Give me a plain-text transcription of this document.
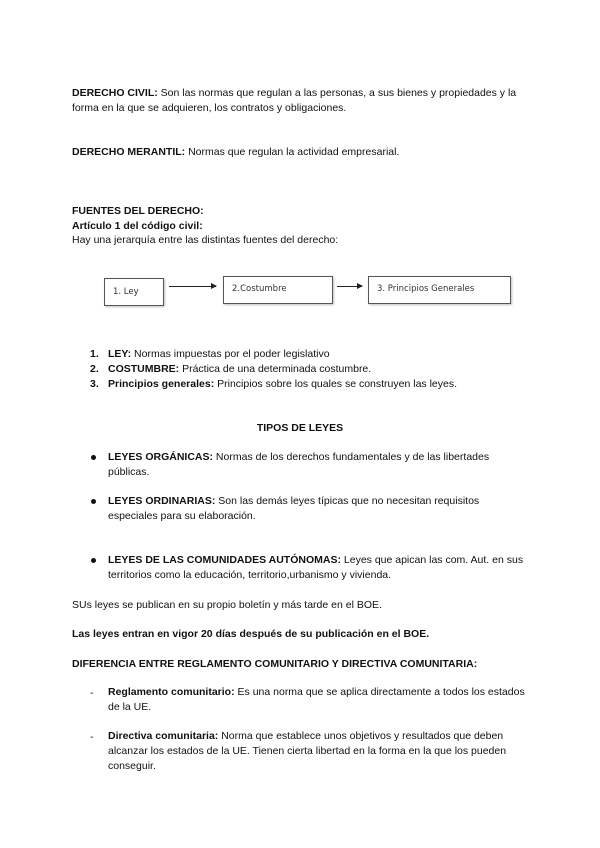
DERECHO CIVIL: Son las normas que regulan a las personas, a sus bienes y propiedades y la forma en la que se adquieren, los contratos y obligaciones.
DERECHO MERANTIL: Normas que regulan la actividad empresarial.
FUENTES DEL DERECHO:
Artículo 1 del código civil:
Hay una jerarquía entre las distintas fuentes del derecho:
1. Ley	2.Costumbre	3. Principios Generales
1. LEY: Normas impuestas por el poder legislativo
2. COSTUMBRE: Práctica de una determinada costumbre.
3. Principios generales: Principios sobre los quales se construyen las leyes.
TIPOS DE LEYES
LEYES ORGÁNICAS: Normas de los derechos fundamentales y de las libertades públicas.
LEYES ORDINARIAS: Son las demás leyes típicas que no necesitan requisitos especiales para su elaboración.
LEYES DE LAS COMUNIDADES AUTÓNOMAS: Leyes que apican las com. Aut. en sus territorios como la educación, territorio,urbanismo y vivienda.
SUs leyes se publican en su propio boletín y más tarde en el BOE.
Las leyes entran en vigor 20 días después de su publicación en el BOE.
DIFERENCIA ENTRE REGLAMENTO COMUNITARIO Y DIRECTIVA COMUNITARIA:
- Reglamento comunitario: Es una norma que se aplica directamente a todos los estados de la UE.
- Directiva comunitaria: Norma que establece unos objetivos y resultados que deben alcanzar los estados de la UE. Tienen cierta libertad en la forma en la que los pueden conseguir.
